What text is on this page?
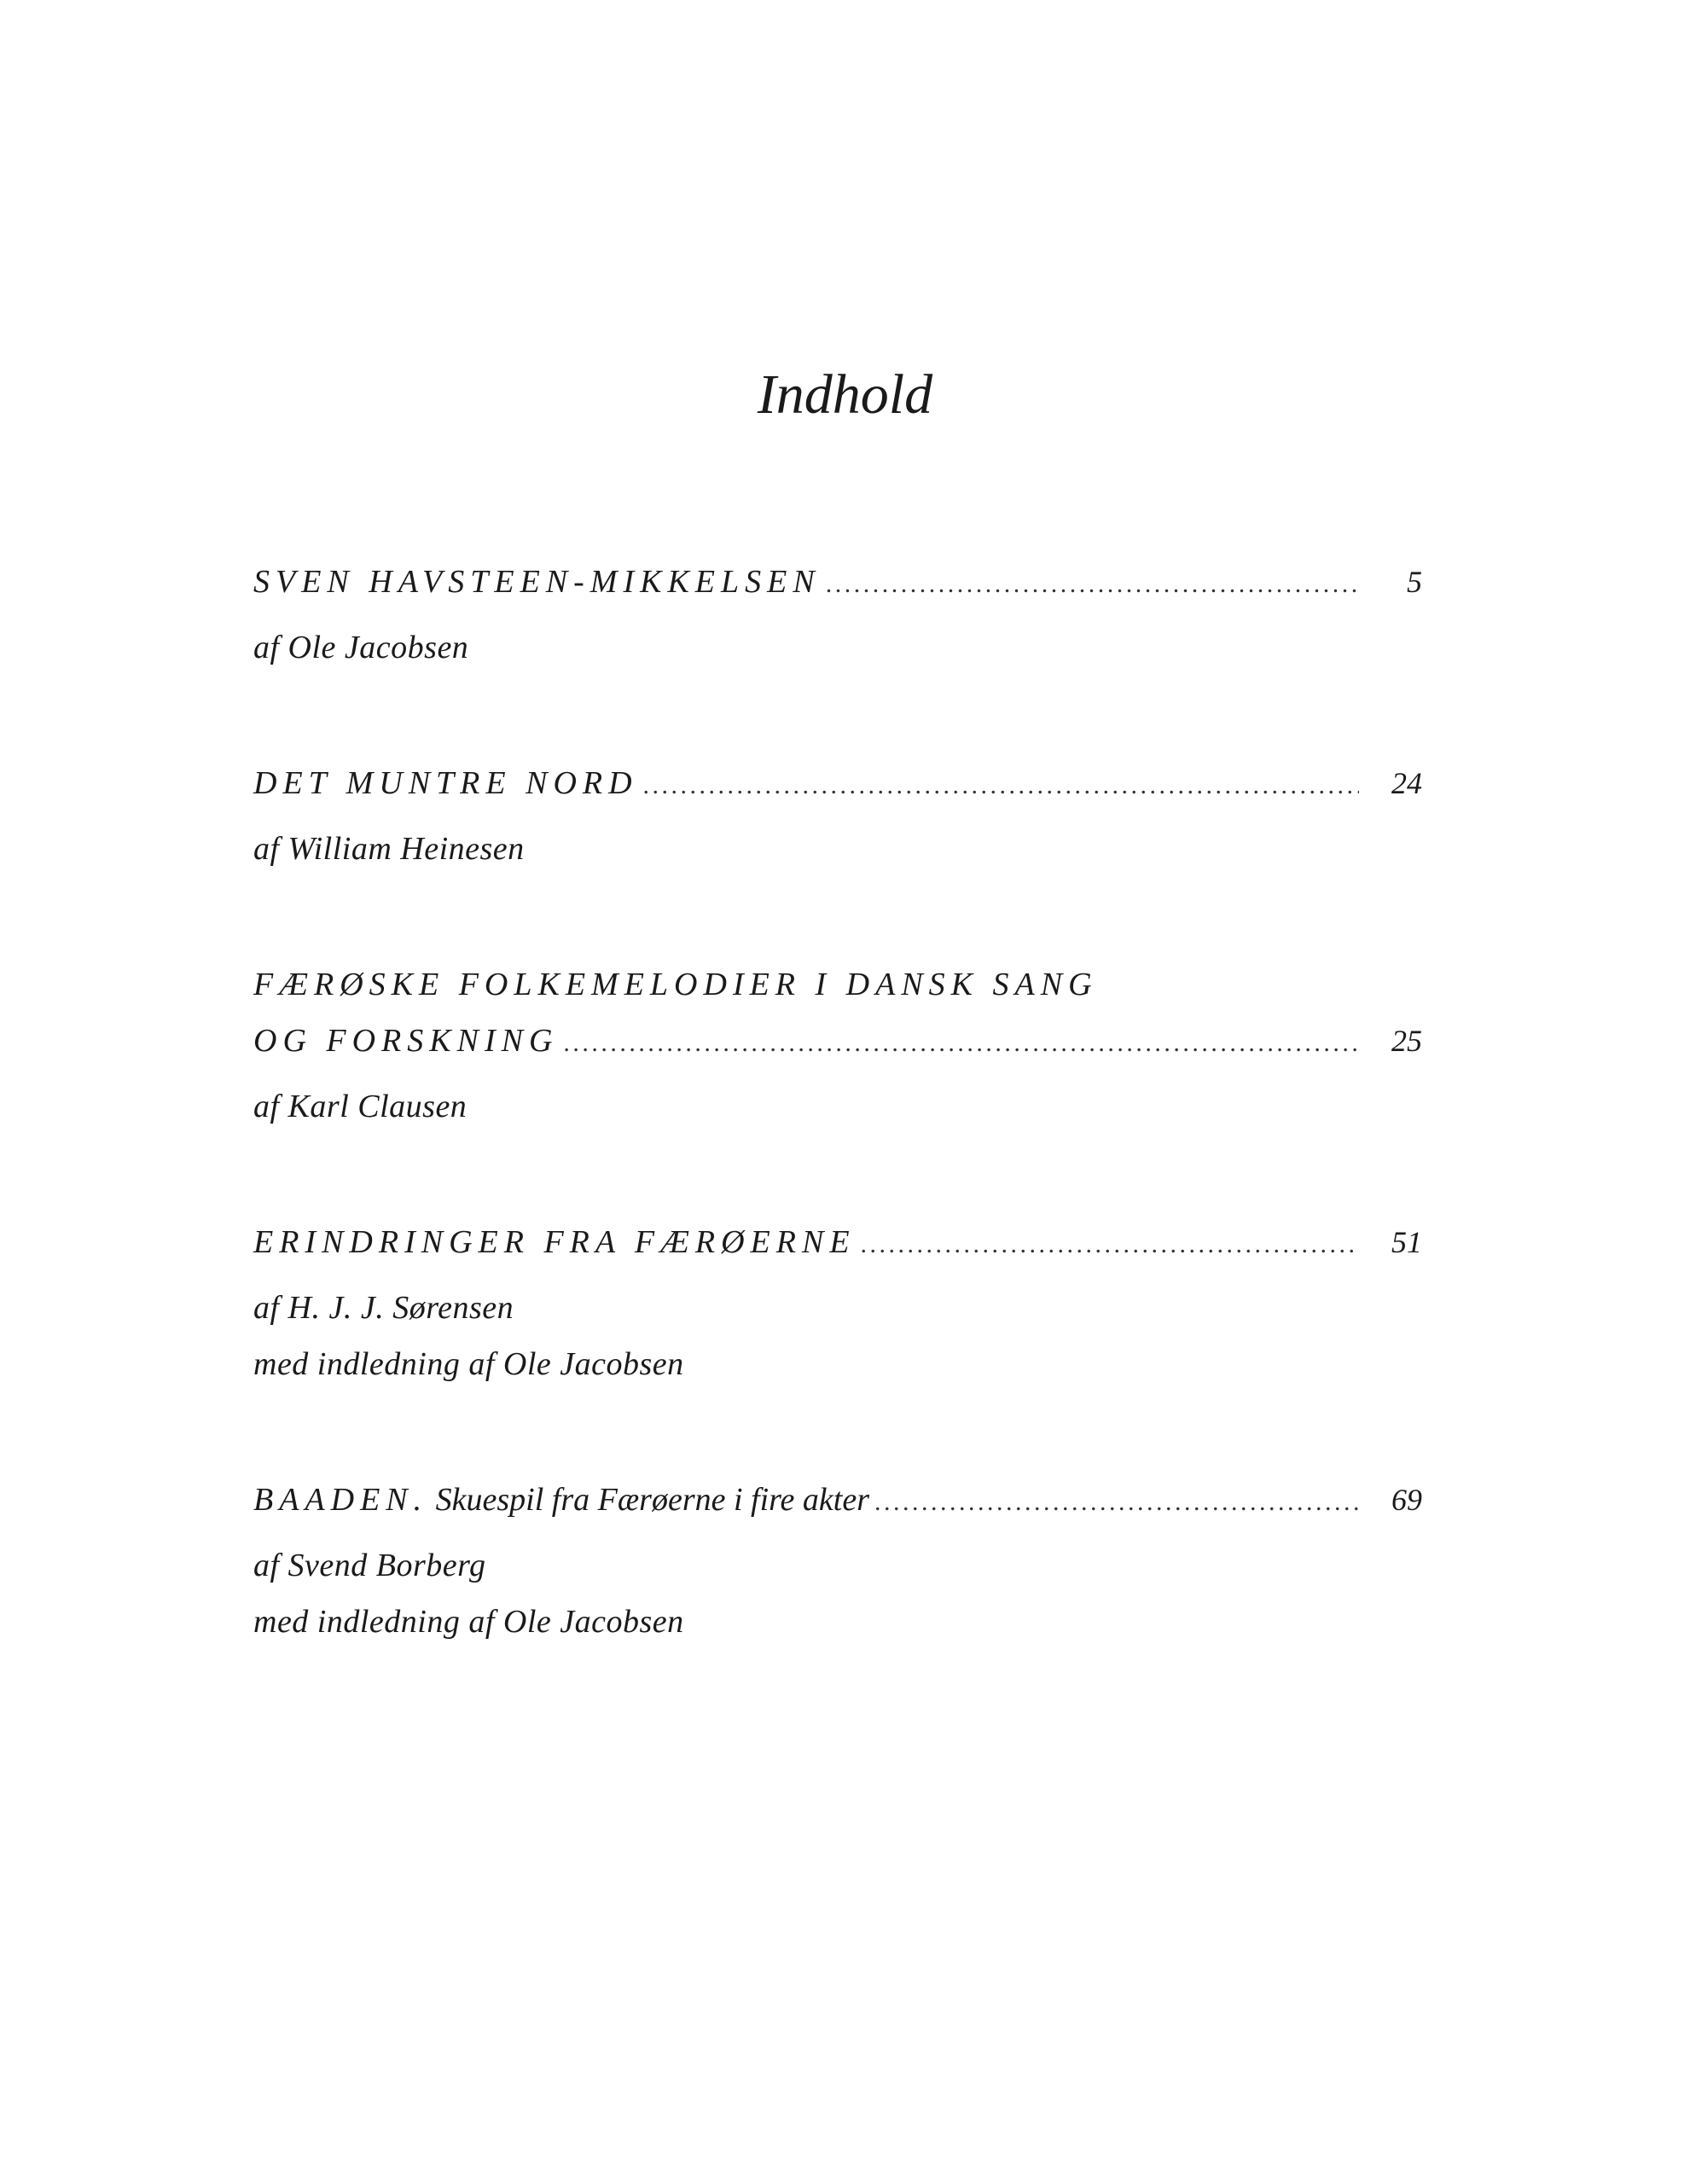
Indhold
SVEN HAVSTEEN-MIKKELSEN . . .	5
af Ole Jacobsen
DET MUNTRE NORD . . .	24
af William Heinesen
FÆRØSKE FOLKEMELODIER I DANSK SANG
OG FORSKNING . . .	25
af Karl Clausen
ERINDRINGER FRA FÆRØERNE . . .	51
af H. J. J. Sørensen
med indledning af Ole Jacobsen
BAADEN. Skuespil fra Færøerne i fire akter . . .	69
af Svend Borberg
med indledning af Ole Jacobsen
